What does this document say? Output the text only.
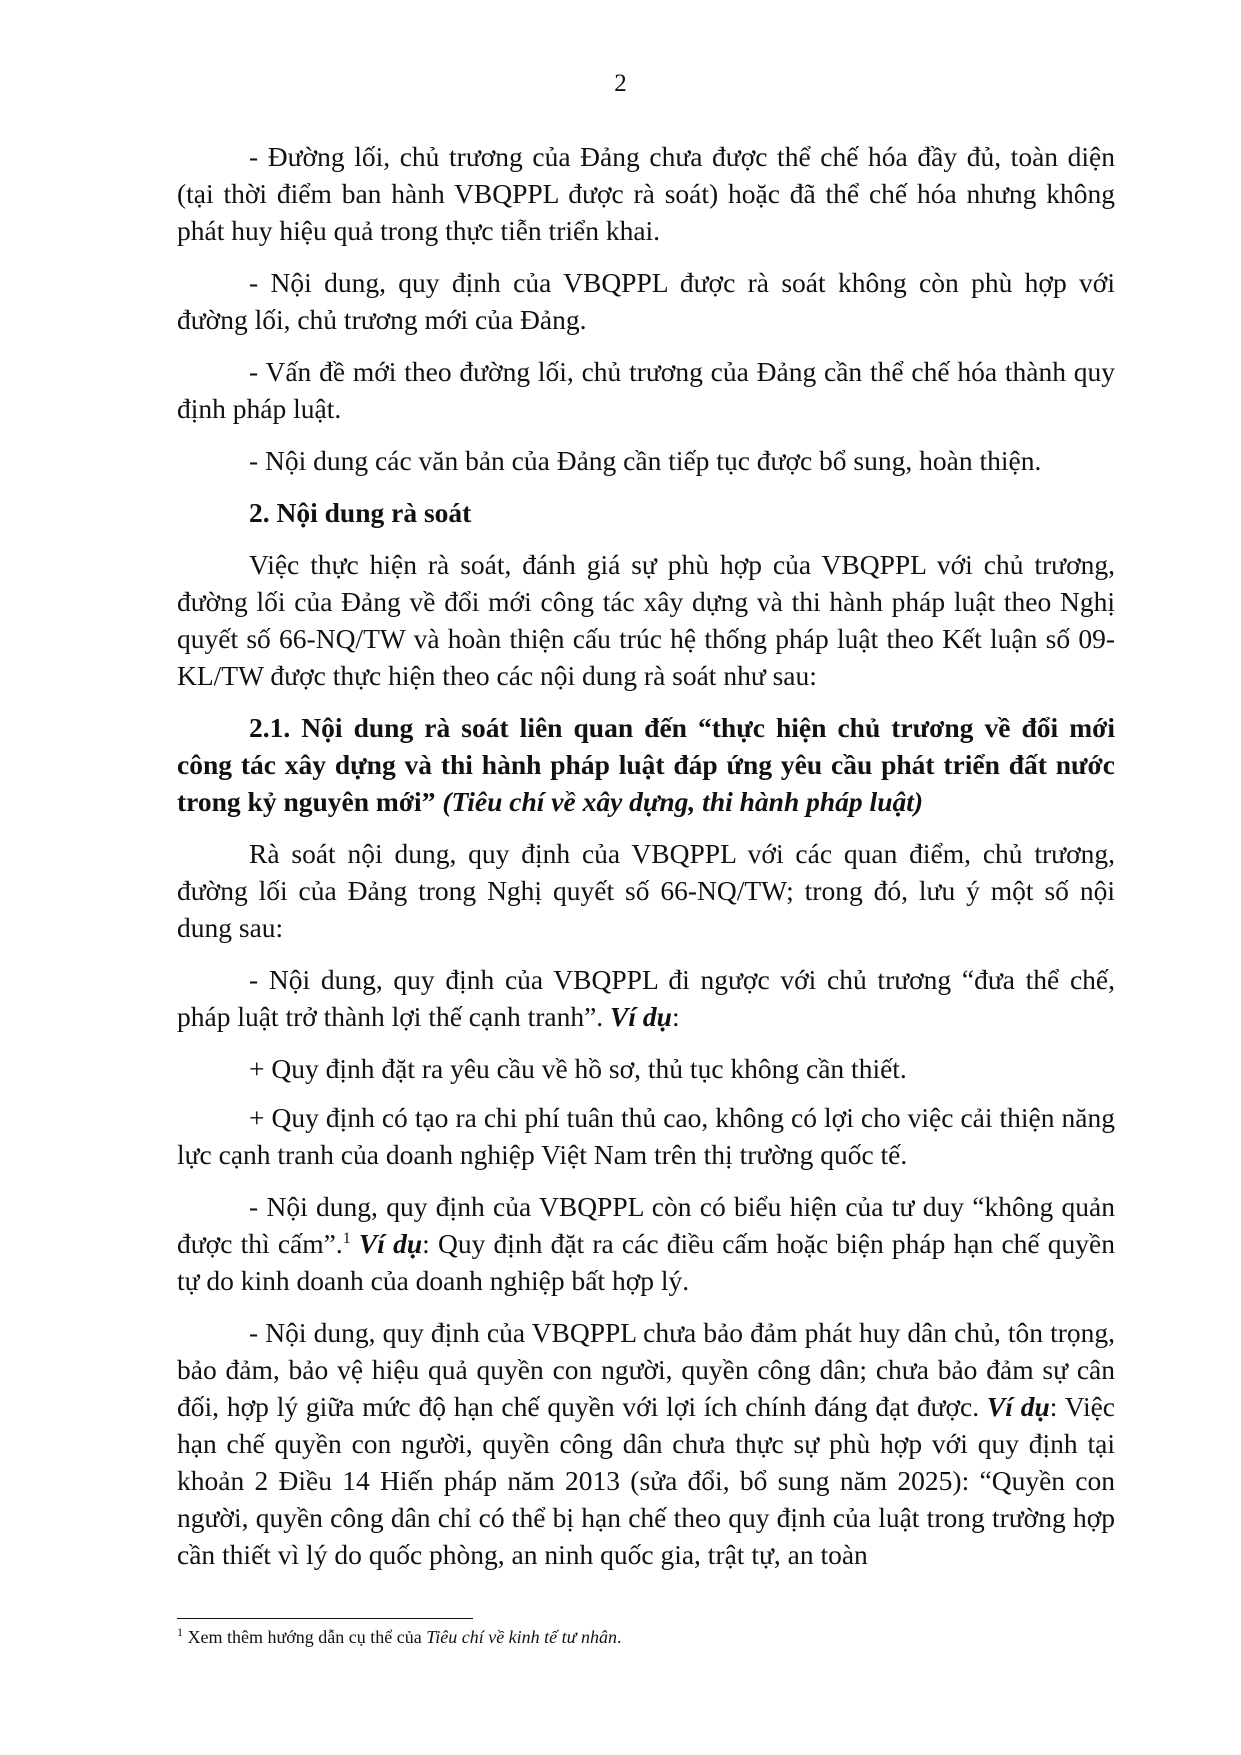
2

- Đường lối, chủ trương của Đảng chưa được thể chế hóa đầy đủ, toàn diện (tại thời điểm ban hành VBQPPL được rà soát) hoặc đã thể chế hóa nhưng không phát huy hiệu quả trong thực tiễn triển khai.

- Nội dung, quy định của VBQPPL được rà soát không còn phù hợp với đường lối, chủ trương mới của Đảng.

- Vấn đề mới theo đường lối, chủ trương của Đảng cần thể chế hóa thành quy định pháp luật.

- Nội dung các văn bản của Đảng cần tiếp tục được bổ sung, hoàn thiện.

2. Nội dung rà soát

Việc thực hiện rà soát, đánh giá sự phù hợp của VBQPPL với chủ trương, đường lối của Đảng về đổi mới công tác xây dựng và thi hành pháp luật theo Nghị quyết số 66-NQ/TW và hoàn thiện cấu trúc hệ thống pháp luật theo Kết luận số 09-KL/TW được thực hiện theo các nội dung rà soát như sau:

2.1. Nội dung rà soát liên quan đến “thực hiện chủ trương về đổi mới công tác xây dựng và thi hành pháp luật đáp ứng yêu cầu phát triển đất nước trong kỷ nguyên mới” (Tiêu chí về xây dựng, thi hành pháp luật)

Rà soát nội dung, quy định của VBQPPL với các quan điểm, chủ trương, đường lối của Đảng trong Nghị quyết số 66-NQ/TW; trong đó, lưu ý một số nội dung sau:

- Nội dung, quy định của VBQPPL đi ngược với chủ trương “đưa thể chế, pháp luật trở thành lợi thế cạnh tranh”. Ví dụ:

+ Quy định đặt ra yêu cầu về hồ sơ, thủ tục không cần thiết.

+ Quy định có tạo ra chi phí tuân thủ cao, không có lợi cho việc cải thiện năng lực cạnh tranh của doanh nghiệp Việt Nam trên thị trường quốc tế.

- Nội dung, quy định của VBQPPL còn có biểu hiện của tư duy “không quản được thì cấm”.$^1$ Ví dụ: Quy định đặt ra các điều cấm hoặc biện pháp hạn chế quyền tự do kinh doanh của doanh nghiệp bất hợp lý.

- Nội dung, quy định của VBQPPL chưa bảo đảm phát huy dân chủ, tôn trọng, bảo đảm, bảo vệ hiệu quả quyền con người, quyền công dân; chưa bảo đảm sự cân đối, hợp lý giữa mức độ hạn chế quyền với lợi ích chính đáng đạt được. Ví dụ: Việc hạn chế quyền con người, quyền công dân chưa thực sự phù hợp với quy định tại khoản 2 Điều 14 Hiến pháp năm 2013 (sửa đổi, bổ sung năm 2025): “Quyền con người, quyền công dân chỉ có thể bị hạn chế theo quy định của luật trong trường hợp cần thiết vì lý do quốc phòng, an ninh quốc gia, trật tự, an toàn

$^1$ Xem thêm hướng dẫn cụ thể của Tiêu chí về kinh tế tư nhân.
